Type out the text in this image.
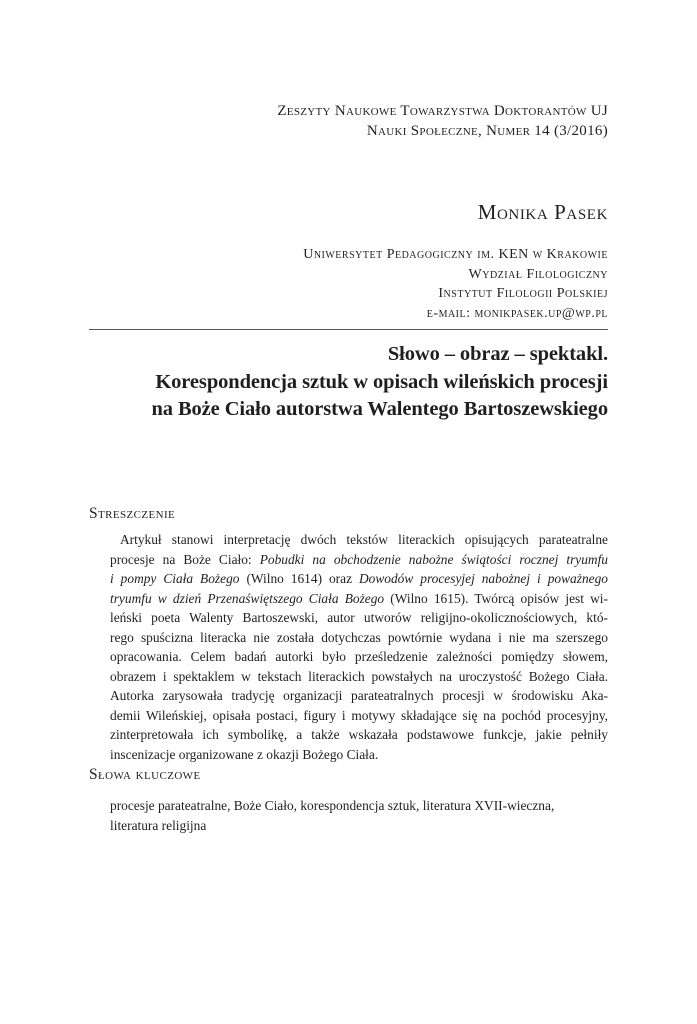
Zeszyty Naukowe Towarzystwa Doktorantów UJ
Nauki Społeczne, Numer 14 (3/2016)
Monika Pasek
Uniwersytet Pedagogiczny im. KEN w Krakowie
Wydział Filologiczny
Instytut Filologii Polskiej
e-mail: monikpasek.up@wp.pl
Słowo – obraz – spektakl.
Korespondencja sztuk w opisach wileńskich procesji
na Boże Ciało autorstwa Walentego Bartoszewskiego
Streszczenie
Artykuł stanowi interpretację dwóch tekstów literackich opisujących parateatralne
procesje na Boże Ciało: Pobudki na obchodzenie nabożne świątości rocznej tryumfu
i pompy Ciała Bożego (Wilno 1614) oraz Dowodów procesyjej nabożnej i poważnego
tryumfu w dzień Przenaświętszego Ciała Bożego (Wilno 1615). Twórcą opisów jest wi-
leński poeta Walenty Bartoszewski, autor utworów religijno-okolicznościowych, któ-
rego spuścizna literacka nie została dotychczas powtórnie wydana i nie ma szerszego
opracowania. Celem badań autorki było prześledzenie zależności pomiędzy słowem,
obrazem i spektaklem w tekstach literackich powstałych na uroczystość Bożego Ciała.
Autorka zarysowała tradycję organizacji parateatralnych procesji w środowisku Aka-
demii Wileńskiej, opisała postaci, figury i motywy składające się na pochód procesyjny,
zinterpretowała ich symbolikę, a także wskazała podstawowe funkcje, jakie pełniły
inscenizacje organizowane z okazji Bożego Ciała.
Słowa kluczowe
procesje parateatralne, Boże Ciało, korespondencja sztuk, literatura XVII-wieczna,
literatura religijna
